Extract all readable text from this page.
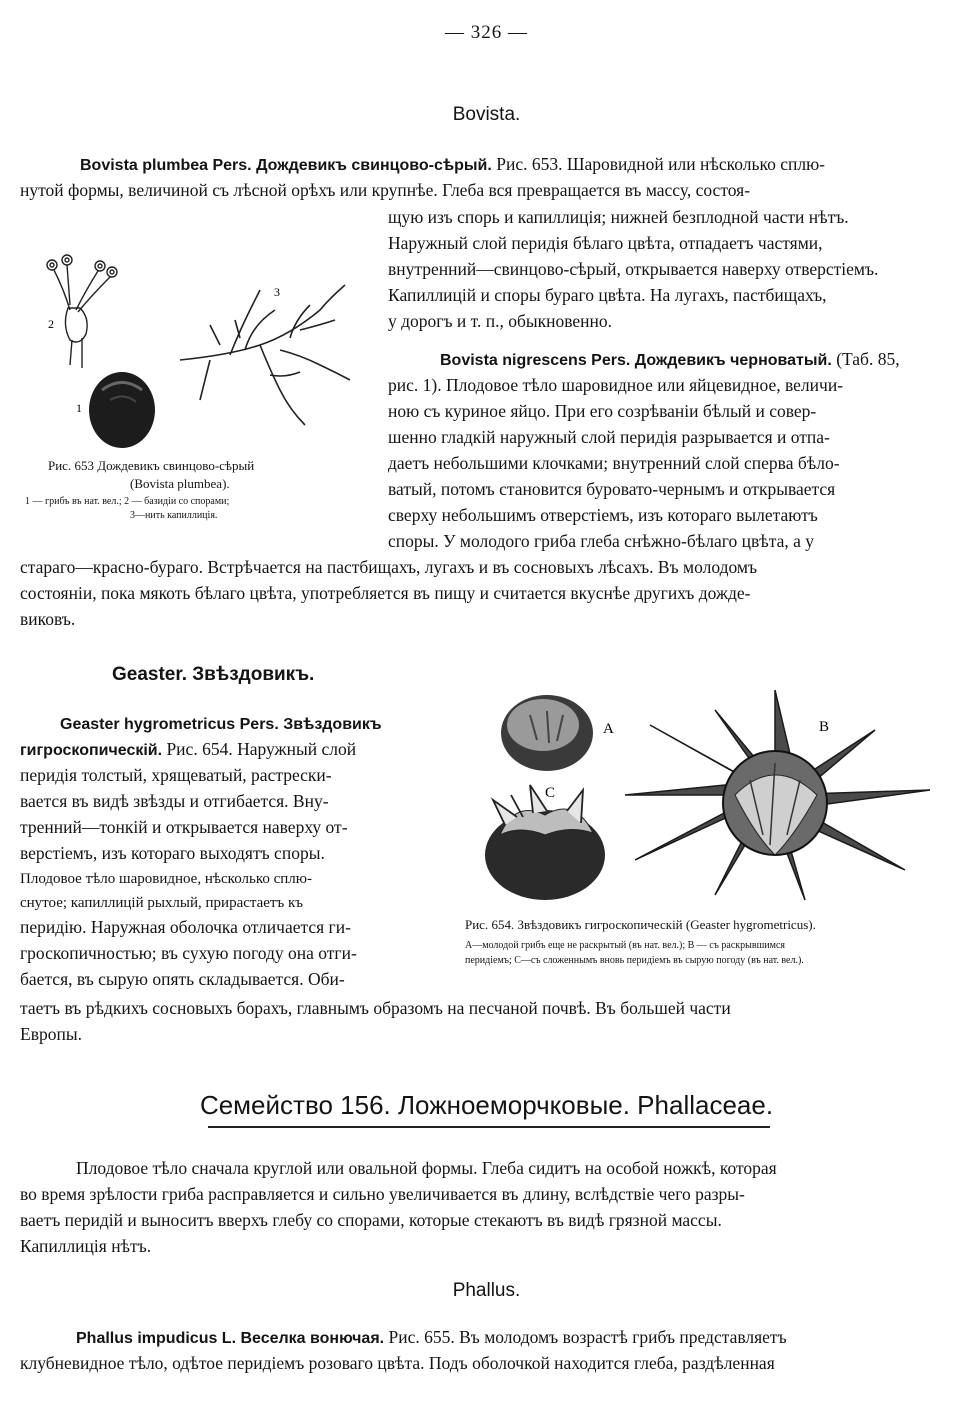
— 326 —
Bovista.
Bovista plumbea Pers. Дождевикъ свинцово-сѣрый. Рис. 653. Шаровидной или нѣсколько сплю-
нутой формы, величиной съ лѣсной орѣхъ или крупнѣе. Глеба вся превращается въ массу, состоя-
щую изъ спорь и капиллицiя; нижней безплодной части нѣтъ.
Наружный слой перидiя бѣлаго цвѣта, отпадаетъ частями,
внутренний—свинцово-сѣрый, открывается наверху отверстiемъ.
Капиллицiй и споры бураго цвѣта. На лугахъ, пастбищахъ,
у дорогъ и т. п., обыкновенно.
1
2
3
Рис. 653 Дождевикъ свинцово-сѣрый
(Bovista plumbea).
1 — грибъ въ нат. вел.; 2 — базидiи со спорами;
3—нить капиллицiя.
Bovista nigrescens Pers. Дождевикъ черноватый. (Таб. 85,
рис. 1). Плодовое тѣло шаровидное или яйцевидное, величи-
ною съ куриное яйцо. При его созрѣванiи бѣлый и совер-
шенно гладкiй наружный слой перидiя разрывается и отпа-
даетъ небольшими клочками; внутренний слой сперва бѣло-
ватый, потомъ становится буровато-чернымъ и открывается
сверху небольшимъ отверстiемъ, изъ котораго вылетаютъ
споры. У молодого гриба глеба снѣжно-бѣлаго цвѣта, а у
стараго—красно-бураго. Встрѣчается на пастбищахъ, лугахъ и въ сосновыхъ лѣсахъ. Въ молодомъ
состоянiи, пока мякоть бѣлаго цвѣта, употребляется въ пищу и считается вкуснѣе другихъ дожде-
виковъ.
Geaster. Звѣздовикъ.
Geaster hygrometricus Pers. Звѣздовикъ
гигроскопическiй. Рис. 654. Наружный слой
перидiя толстый, хрящеватый, растрески-
вается въ видѣ звѣзды и отгибается. Вну-
тренний—тонкiй и открывается наверху от-
верстiемъ, изъ котораго выходятъ споры.
Плодовое тѣло шаровидное, нѣсколько сплю-
снутое; капиллицiй рыхлый, прирастаетъ къ
перидiю. Наружная оболочка отличается ги-
гроскопичностью; въ сухую погоду она отги-
бается, въ сырую опять складывается. Оби-
таетъ въ рѣдкихъ сосновыхъ борахъ, главнымъ образомъ на песчаной почвѣ. Въ большей части
Европы.
A	B
C
Рис. 654. Звѣздовикъ гигроскопическiй (Geaster hygrometricus).
А—молодой грибъ еще не раскрытый (въ нат. вел.); В — съ раскрывшимся
перидiемъ; С—съ сложеннымъ вновь перидiемъ въ сырую погоду (въ нат. вел.).
Семейство 156. Ложноеморчковые. Phallаceae.
Плодовое тѣло сначала круглой или овальной формы. Глеба сидитъ на особой ножкѣ, которая
во время зрѣлости гриба расправляется и сильно увеличивается въ длину, вслѣдствiе чего разры-
ваетъ перидiй и выноситъ вверхъ глебу со спорами, которые стекаютъ въ видѣ грязной массы.
Капиллицiя нѣтъ.
Phallus.
Phallus impudicus L. Веселка вонючая. Рис. 655. Въ молодомъ возрастѣ грибъ представляетъ
клубневидное тѣло, одѣтое перидiемъ розоваго цвѣта. Подъ оболочкой находится глеба, раздѣленная
